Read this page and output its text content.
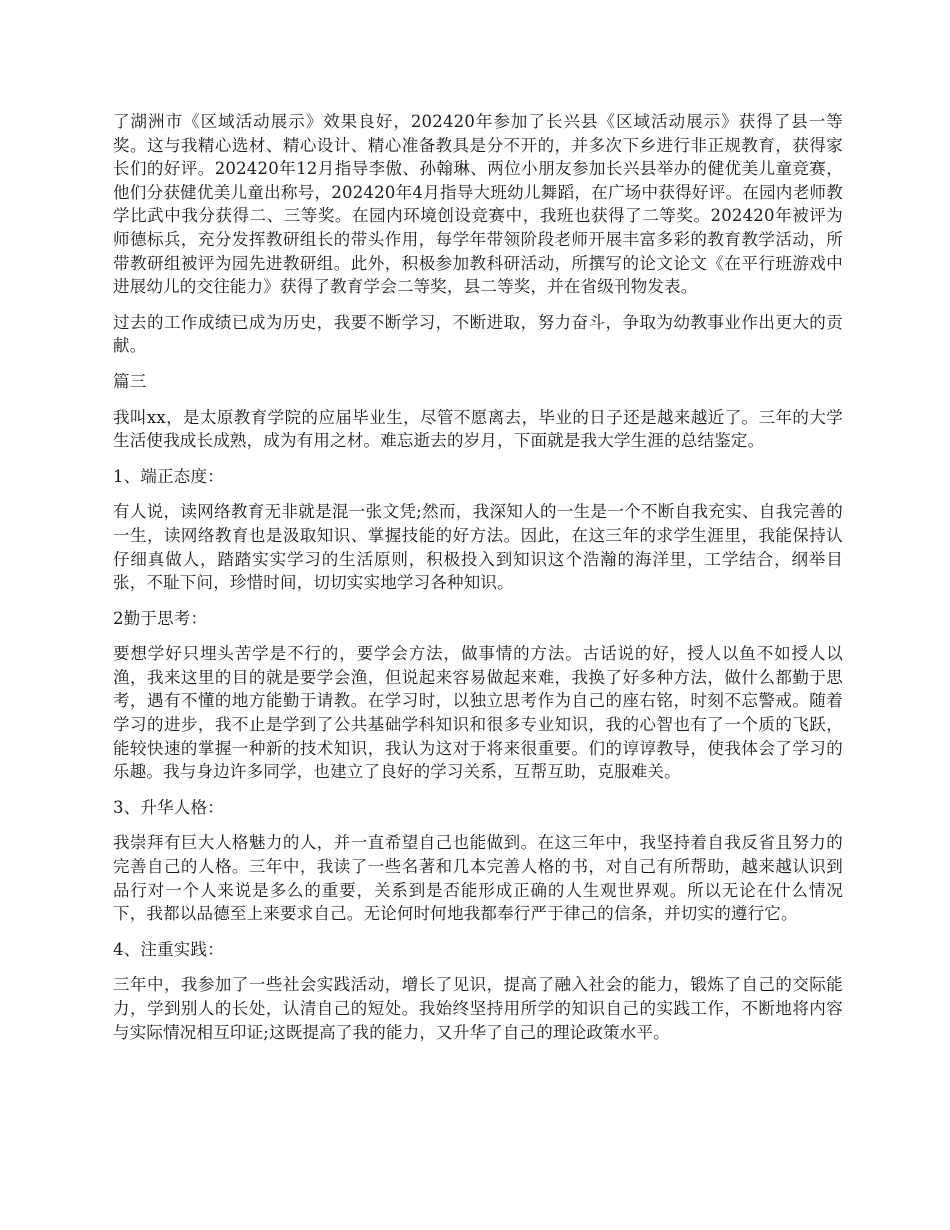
了湖洲市《区域活动展示》效果良好，202420年参加了长兴县《区域活动展示》获得了县一等奖。这与我精心选材、精心设计、精心准备教具是分不开的，并多次下乡进行非正规教育，获得家长们的好评。202420年12月指导李傲、孙翰琳、两位小朋友参加长兴县举办的健优美儿童竞赛，他们分获健优美儿童出称号，202420年4月指导大班幼儿舞蹈，在广场中获得好评。在园内老师教学比武中我分获得二、三等奖。在园内环境创设竞赛中，我班也获得了二等奖。202420年被评为师德标兵，充分发挥教研组长的带头作用，每学年带领阶段老师开展丰富多彩的教育教学活动，所带教研组被评为园先进教研组。此外，积极参加教科研活动，所撰写的论文论文《在平行班游戏中进展幼儿的交往能力》获得了教育学会二等奖，县二等奖，并在省级刊物发表。

过去的工作成绩已成为历史，我要不断学习，不断进取，努力奋斗，争取为幼教事业作出更大的贡献。

篇三

我叫xx，是太原教育学院的应届毕业生，尽管不愿离去，毕业的日子还是越来越近了。三年的大学生活使我成长成熟，成为有用之材。难忘逝去的岁月，下面就是我大学生涯的总结鉴定。

1、端正态度：

有人说，读网络教育无非就是混一张文凭;然而，我深知人的一生是一个不断自我充实、自我完善的一生，读网络教育也是汲取知识、掌握技能的好方法。因此，在这三年的求学生涯里，我能保持认仔细真做人，踏踏实实学习的生活原则，积极投入到知识这个浩瀚的海洋里，工学结合，纲举目张，不耻下问，珍惜时间，切切实实地学习各种知识。

2勤于思考：

要想学好只埋头苦学是不行的，要学会方法，做事情的方法。古话说的好，授人以鱼不如授人以渔，我来这里的目的就是要学会渔，但说起来容易做起来难，我换了好多种方法，做什么都勤于思考，遇有不懂的地方能勤于请教。在学习时，以独立思考作为自己的座右铭，时刻不忘警戒。随着学习的进步，我不止是学到了公共基础学科知识和很多专业知识，我的心智也有了一个质的飞跃，能较快速的掌握一种新的技术知识，我认为这对于将来很重要。们的谆谆教导，使我体会了学习的乐趣。我与身边许多同学，也建立了良好的学习关系，互帮互助，克服难关。

3、升华人格：

我崇拜有巨大人格魅力的人，并一直希望自己也能做到。在这三年中，我坚持着自我反省且努力的完善自己的人格。三年中，我读了一些名著和几本完善人格的书，对自己有所帮助，越来越认识到品行对一个人来说是多么的重要，关系到是否能形成正确的人生观世界观。所以无论在什么情况下，我都以品德至上来要求自己。无论何时何地我都奉行严于律己的信条，并切实的遵行它。

4、注重实践：

三年中，我参加了一些社会实践活动，增长了见识，提高了融入社会的能力，锻炼了自己的交际能力，学到别人的长处，认清自己的短处。我始终坚持用所学的知识自己的实践工作，不断地将内容与实际情况相互印证;这既提高了我的能力，又升华了自己的理论政策水平。
